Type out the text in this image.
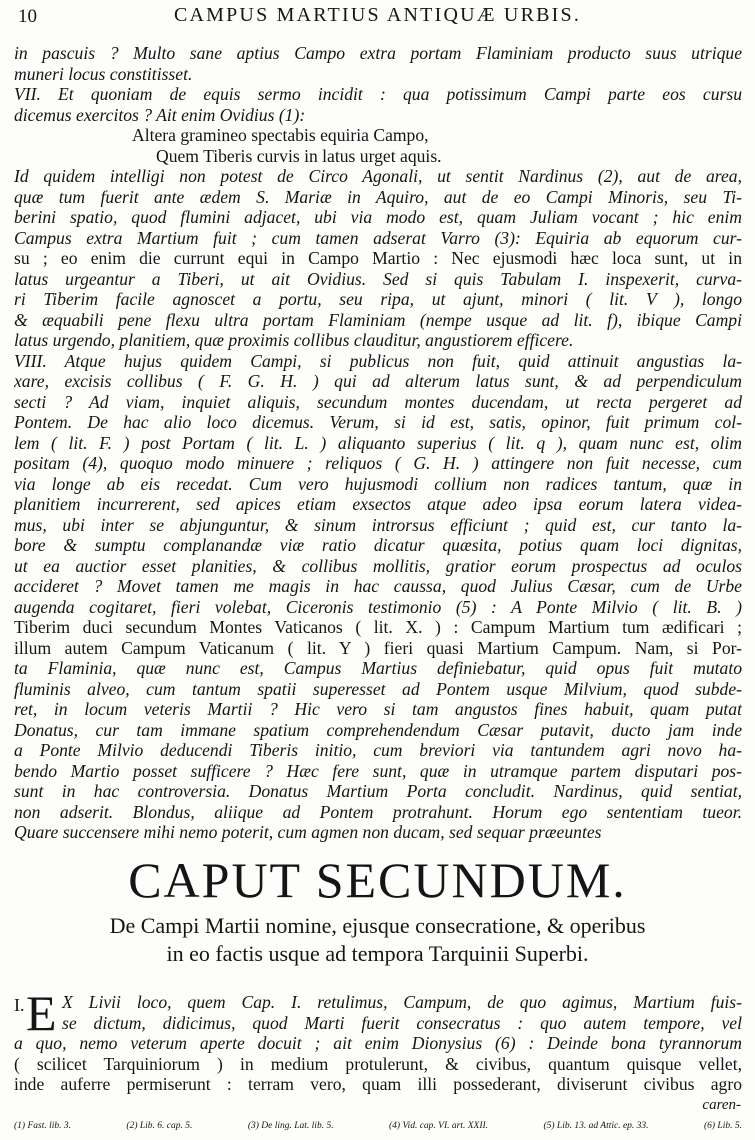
10	CAMPUS MARTIUS ANTIQUÆ URBIS.
in pascuis ? Multo sane aptius Campo extra portam Flaminiam producto suus utrique
muneri locus constitisset.
VII. Et quoniam de equis sermo incidit : qua potissimum Campi parte eos cursu
dicemus exercitos ? Ait enim Ovidius (1):
Altera gramineo spectabis equiria Campo,
Quem Tiberis curvis in latus urget aquis.
Id quidem intelligi non potest de Circo Agonali, ut sentit Nardinus (2), aut de area,
quæ tum fuerit ante ædem S. Mariæ in Aquiro, aut de eo Campi Minoris, seu Ti-
berini spatio, quod flumini adjacet, ubi via modo est, quam Juliam vocant ; hic enim
Campus extra Martium fuit ; cum tamen adserat Varro (3): Equiria ab equorum cur-
su ; eo enim die currunt equi in Campo Martio : Nec ejusmodi hæc loca sunt, ut in
latus urgeantur a Tiberi, ut ait Ovidius. Sed si quis Tabulam I. inspexerit, curva-
ri Tiberim facile agnoscet a portu, seu ripa, ut ajunt, minori ( lit. V ), longo
& æquabili pene flexu ultra portam Flaminiam (nempe usque ad lit. f), ibique Campi
latus urgendo, planitiem, quæ proximis collibus clauditur, angustiorem efficere.
VIII. Atque hujus quidem Campi, si publicus non fuit, quid attinuit angustias la-
xare, excisis collibus ( F. G. H. ) qui ad alterum latus sunt, & ad perpendiculum
secti ? Ad viam, inquiet aliquis, secundum montes ducendam, ut recta pergeret ad
Pontem. De hac alio loco dicemus. Verum, si id est, satis, opinor, fuit primum col-
lem ( lit. F. ) post Portam ( lit. L. ) aliquanto superius ( lit. q ), quam nunc est, olim
positam (4), quoquo modo minuere ; reliquos ( G. H. ) attingere non fuit necesse, cum
via longe ab eis recedat. Cum vero hujusmodi collium non radices tantum, quæ in
planitiem incurrerent, sed apices etiam exsectos atque adeo ipsa eorum latera videa-
mus, ubi inter se abjunguntur, & sinum introrsus efficiunt ; quid est, cur tanto la-
bore & sumptu complanandæ viæ ratio dicatur quæsita, potius quam loci dignitas,
ut ea auctior esset planities, & collibus mollitis, gratior eorum prospectus ad oculos
accideret ? Movet tamen me magis in hac caussa, quod Julius Cæsar, cum de Urbe
augenda cogitaret, fieri volebat, Ciceronis testimonio (5) : A Ponte Milvio ( lit. B. )
Tiberim duci secundum Montes Vaticanos ( lit. X. ) : Campum Martium tum ædificari ;
illum autem Campum Vaticanum ( lit. Y ) fieri quasi Martium Campum. Nam, si Por-
ta Flaminia, quæ nunc est, Campus Martius definiebatur, quid opus fuit mutato
fluminis alveo, cum tantum spatii superesset ad Pontem usque Milvium, quod subde-
ret, in locum veteris Martii ? Hic vero si tam angustos fines habuit, quam putat
Donatus, cur tam immane spatium comprehendendum Cæsar putavit, ducto jam inde
a Ponte Milvio deducendi Tiberis initio, cum breviori via tantundem agri novo ha-
bendo Martio posset sufficere ? Hæc fere sunt, quæ in utramque partem disputari pos-
sunt in hac controversia. Donatus Martium Porta concludit. Nardinus, quid sentiat,
non adserit. Blondus, aliique ad Pontem protrahunt. Horum ego sententiam tueor.
Quare succensere mihi nemo poterit, cum agmen non ducam, sed sequar præeuntes
CAPUT SECUNDUM.
De Campi Martii nomine, ejusque consecratione, & operibus
in eo factis usque ad tempora Tarquinii Superbi.
I. E X Livii loco, quem Cap. I. retulimus, Campum, de quo agimus, Martium fuis-
se dictum, didicimus, quod Marti fuerit consecratus : quo autem tempore, vel
a quo, nemo veterum aperte docuit ; ait enim Dionysius (6) : Deinde bona tyrannorum
( scilicet Tarquiniorum ) in medium protulerunt, & civibus, quantum quisque vellet,
inde auferre permiserunt : terram vero, quam illi possederant, diviserunt civibus agro
caren-
(1) Fast. lib. 3.	(2) Lib. 6. cap. 5.	(3) De ling. Lat. lib. 5.	(4) Vid. cap. VI. art. XXII.	(5) Lib. 13. ad Attic. ep. 33.	(6) Lib. 5.
